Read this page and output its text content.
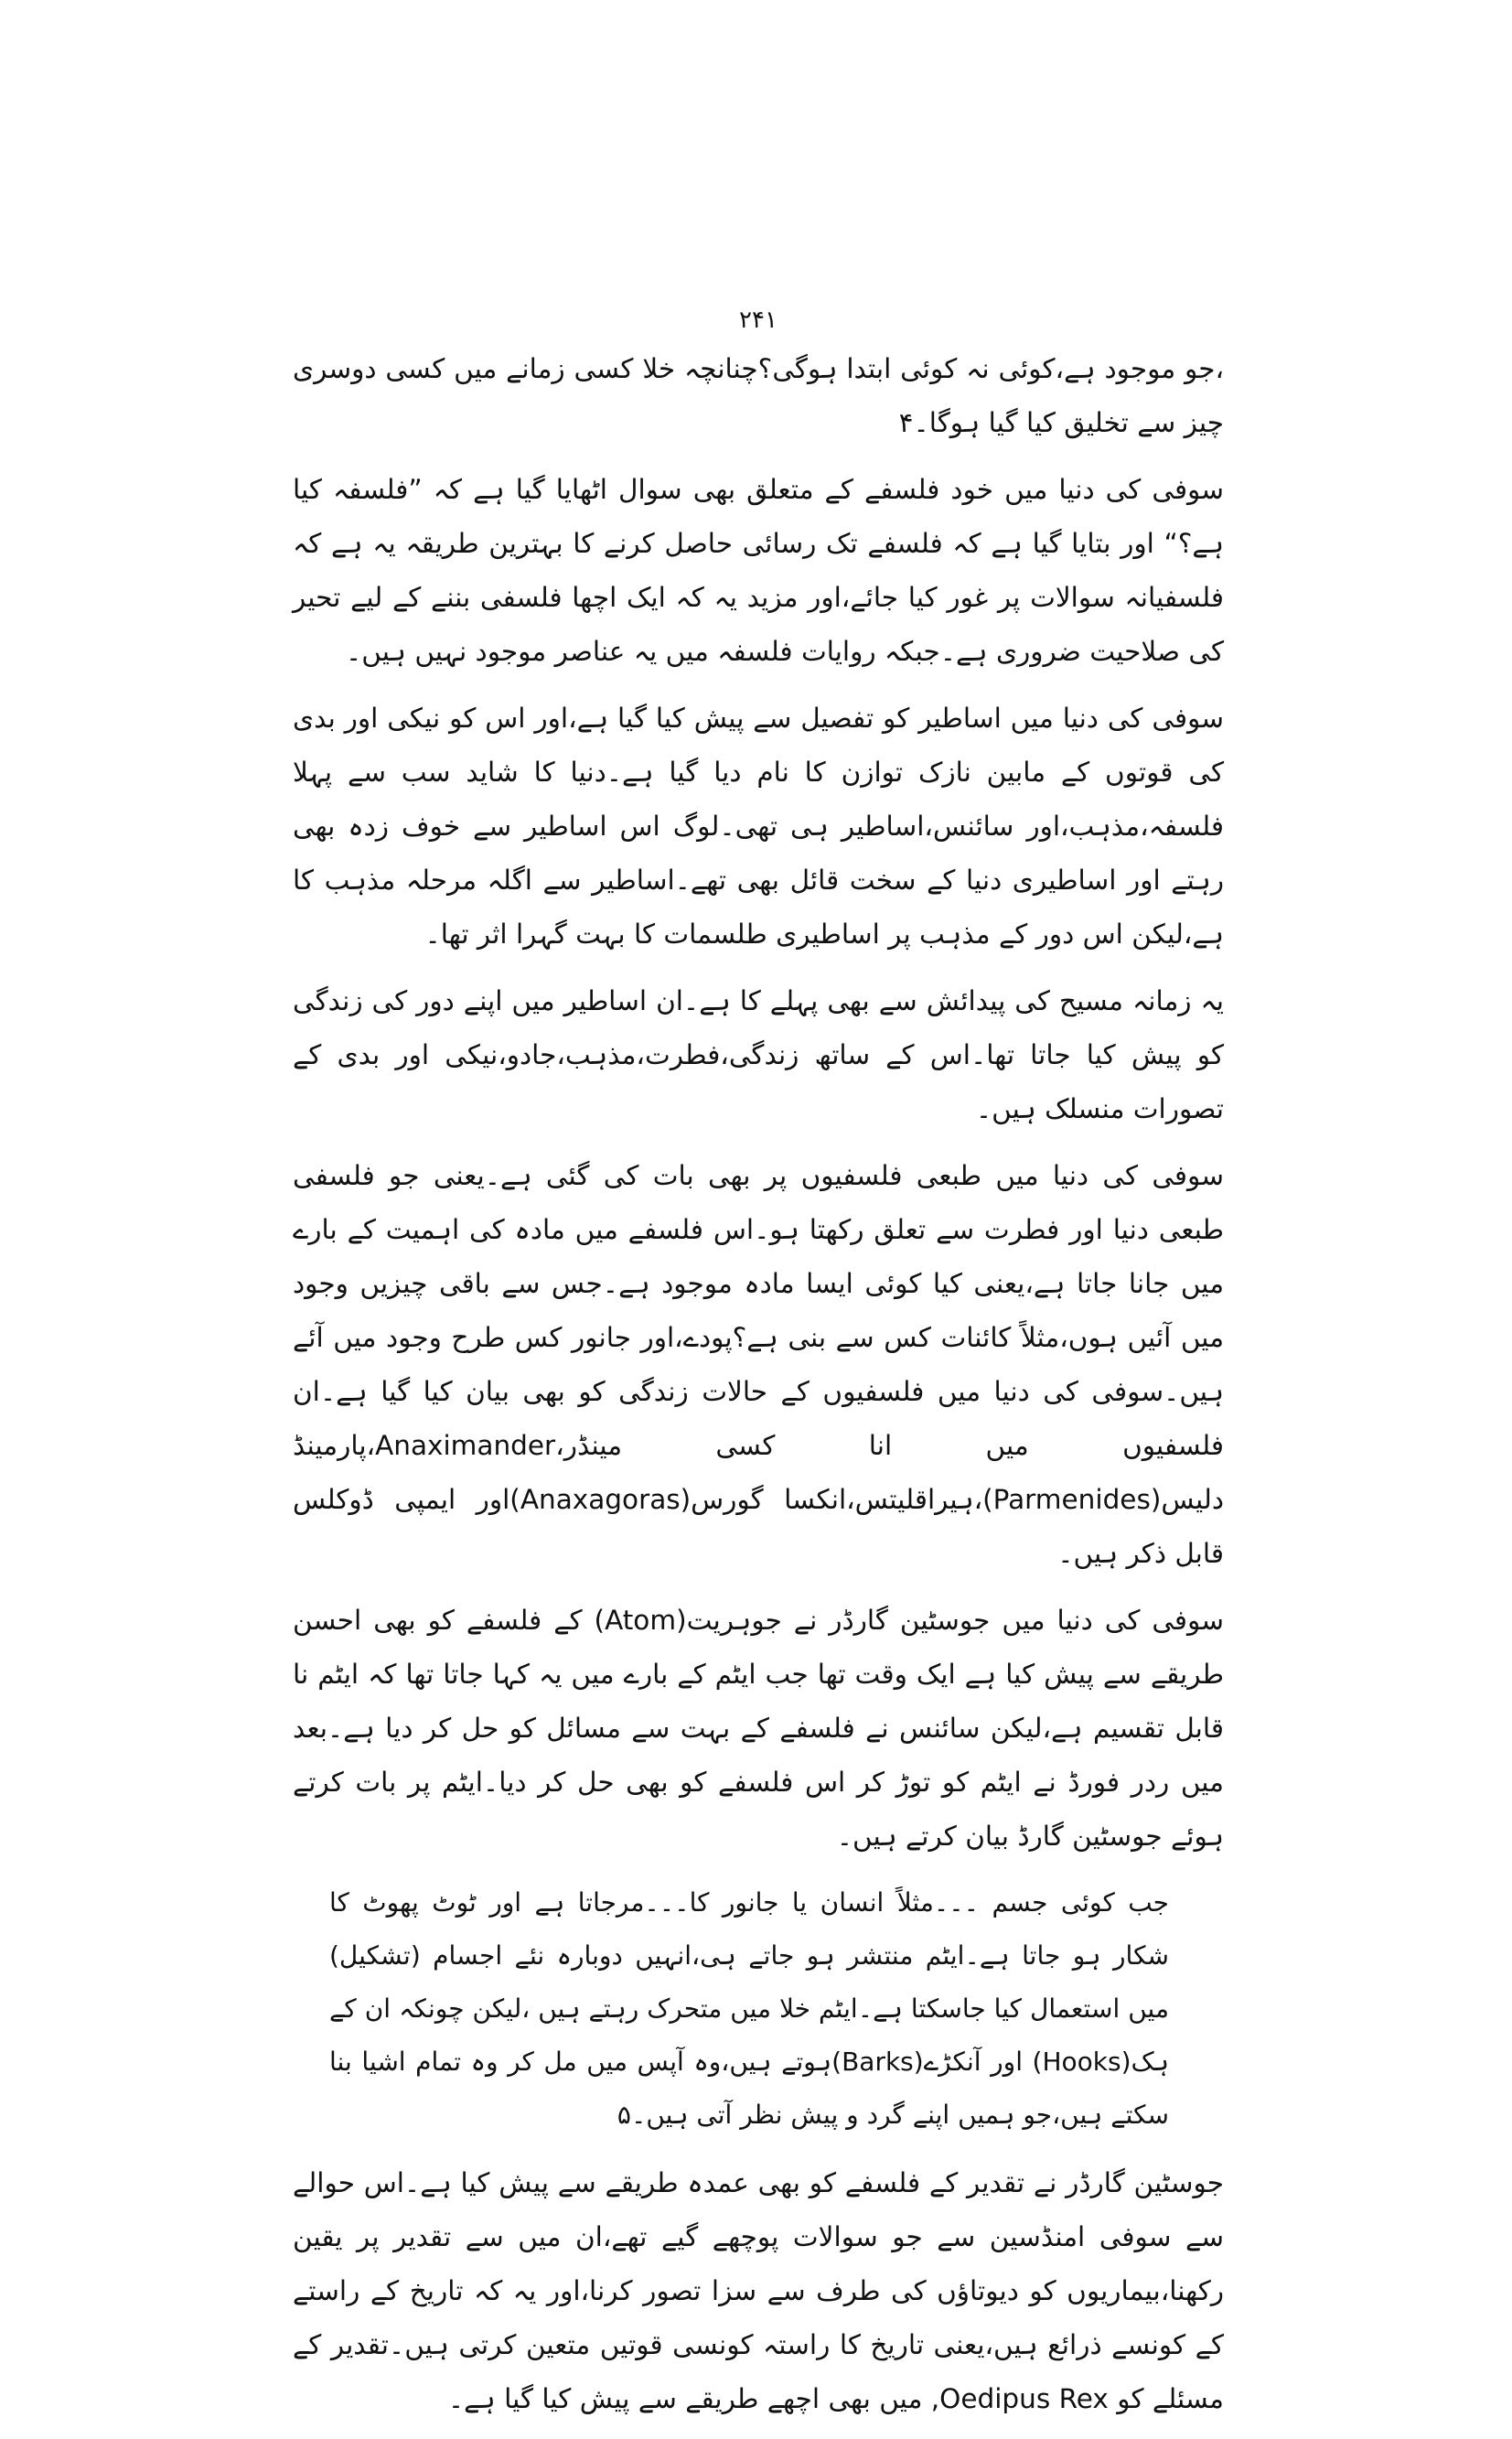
۲۴۱

،جو موجود ہے،کوئی نہ کوئی ابتدا ہوگی؟چنانچہ خلا کسی زمانے میں کسی دوسری چیز سے تخلیق کیا گیا ہوگا۔۴

سوفی کی دنیا میں خود فلسفے کے متعلق بھی سوال اٹھایا گیا ہے کہ ”فلسفہ کیا ہے؟“ اور بتایا گیا ہے کہ فلسفے تک رسائی حاصل کرنے کا بہترین طریقہ یہ ہے کہ فلسفیانہ سوالات پر غور کیا جائے،اور مزید یہ کہ ایک اچھا فلسفی بننے کے لیے تحیر کی صلاحیت ضروری ہے۔جبکہ روایات فلسفہ میں یہ عناصر موجود نہیں ہیں۔

سوفی کی دنیا میں اساطیر کو تفصیل سے پیش کیا گیا ہے،اور اس کو نیکی اور بدی کی قوتوں کے مابین نازک توازن کا نام دیا گیا ہے۔دنیا کا شاید سب سے پہلا فلسفہ،مذہب،اور سائنس،اساطیر ہی تھی۔لوگ اس اساطیر سے خوف زدہ بھی رہتے اور اساطیری دنیا کے سخت قائل بھی تھے۔اساطیر سے اگلہ مرحلہ مذہب کا ہے،لیکن اس دور کے مذہب پر اساطیری طلسمات کا بہت گہرا اثر تھا۔

یہ زمانہ مسیح کی پیدائش سے بھی پہلے کا ہے۔ان اساطیر میں اپنے دور کی زندگی کو پیش کیا جاتا تھا۔اس کے ساتھ زندگی،فطرت،مذہب،جادو،نیکی اور بدی کے تصورات منسلک ہیں۔

سوفی کی دنیا میں طبعی فلسفیوں پر بھی بات کی گئی ہے۔یعنی جو فلسفی طبعی دنیا اور فطرت سے تعلق رکھتا ہو۔اس فلسفے میں مادہ کی اہمیت کے بارے میں جانا جاتا ہے،یعنی کیا کوئی ایسا مادہ موجود ہے۔جس سے باقی چیزیں وجود میں آئیں ہوں،مثلاً کائنات کس سے بنی ہے؟پودے،اور جانور کس طرح وجود میں آئے ہیں۔سوفی کی دنیا میں فلسفیوں کے حالات زندگی کو بھی بیان کیا گیا ہے۔ان فلسفیوں میں انا کسی مینڈر،Anaximander،پارمینڈ دلیس(Parmenides)،ہیراقلیتس،انکسا گورس(Anaxagoras)اور ایمپی ڈوکلس قابل ذکر ہیں۔

سوفی کی دنیا میں جوسٹین گارڈر نے جوہریت(Atom) کے فلسفے کو بھی احسن طریقے سے پیش کیا ہے ایک وقت تھا جب ایٹم کے بارے میں یہ کہا جاتا تھا کہ ایٹم نا قابل تقسیم ہے،لیکن سائنس نے فلسفے کے بہت سے مسائل کو حل کر دیا ہے۔بعد میں ردر فورڈ نے ایٹم کو توڑ کر اس فلسفے کو بھی حل کر دیا۔ایٹم پر بات کرتے ہوئے جوسٹین گارڈ بیان کرتے ہیں۔

جب کوئی جسم ۔۔۔مثلاً انسان یا جانور کا۔۔۔مرجاتا ہے اور ٹوٹ پھوٹ کا شکار ہو جاتا ہے۔ایٹم منتشر ہو جاتے ہی،انہیں دوبارہ نئے اجسام (تشکیل) میں استعمال کیا جاسکتا ہے۔ایٹم خلا میں متحرک رہتے ہیں ،لیکن چونکہ ان کے ہک(Hooks) اور آنکڑے(Barks)ہوتے ہیں،وہ آپس میں مل کر وہ تمام اشیا بنا سکتے ہیں،جو ہمیں اپنے گرد و پیش نظر آتی ہیں۔۵

جوسٹین گارڈر نے تقدیر کے فلسفے کو بھی عمدہ طریقے سے پیش کیا ہے۔اس حوالے سے سوفی امنڈسین سے جو سوالات پوچھے گیے تھے،ان میں سے تقدیر پر یقین رکھنا،بیماریوں کو دیوتاؤں کی طرف سے سزا تصور کرنا،اور یہ کہ تاریخ کے راستے کے کونسے ذرائع ہیں،یعنی تاریخ کا راستہ کونسی قوتیں متعین کرتی ہیں۔تقدیر کے مسئلے کو Oedipus Rex, میں بھی اچھے طریقے سے پیش کیا گیا ہے۔
